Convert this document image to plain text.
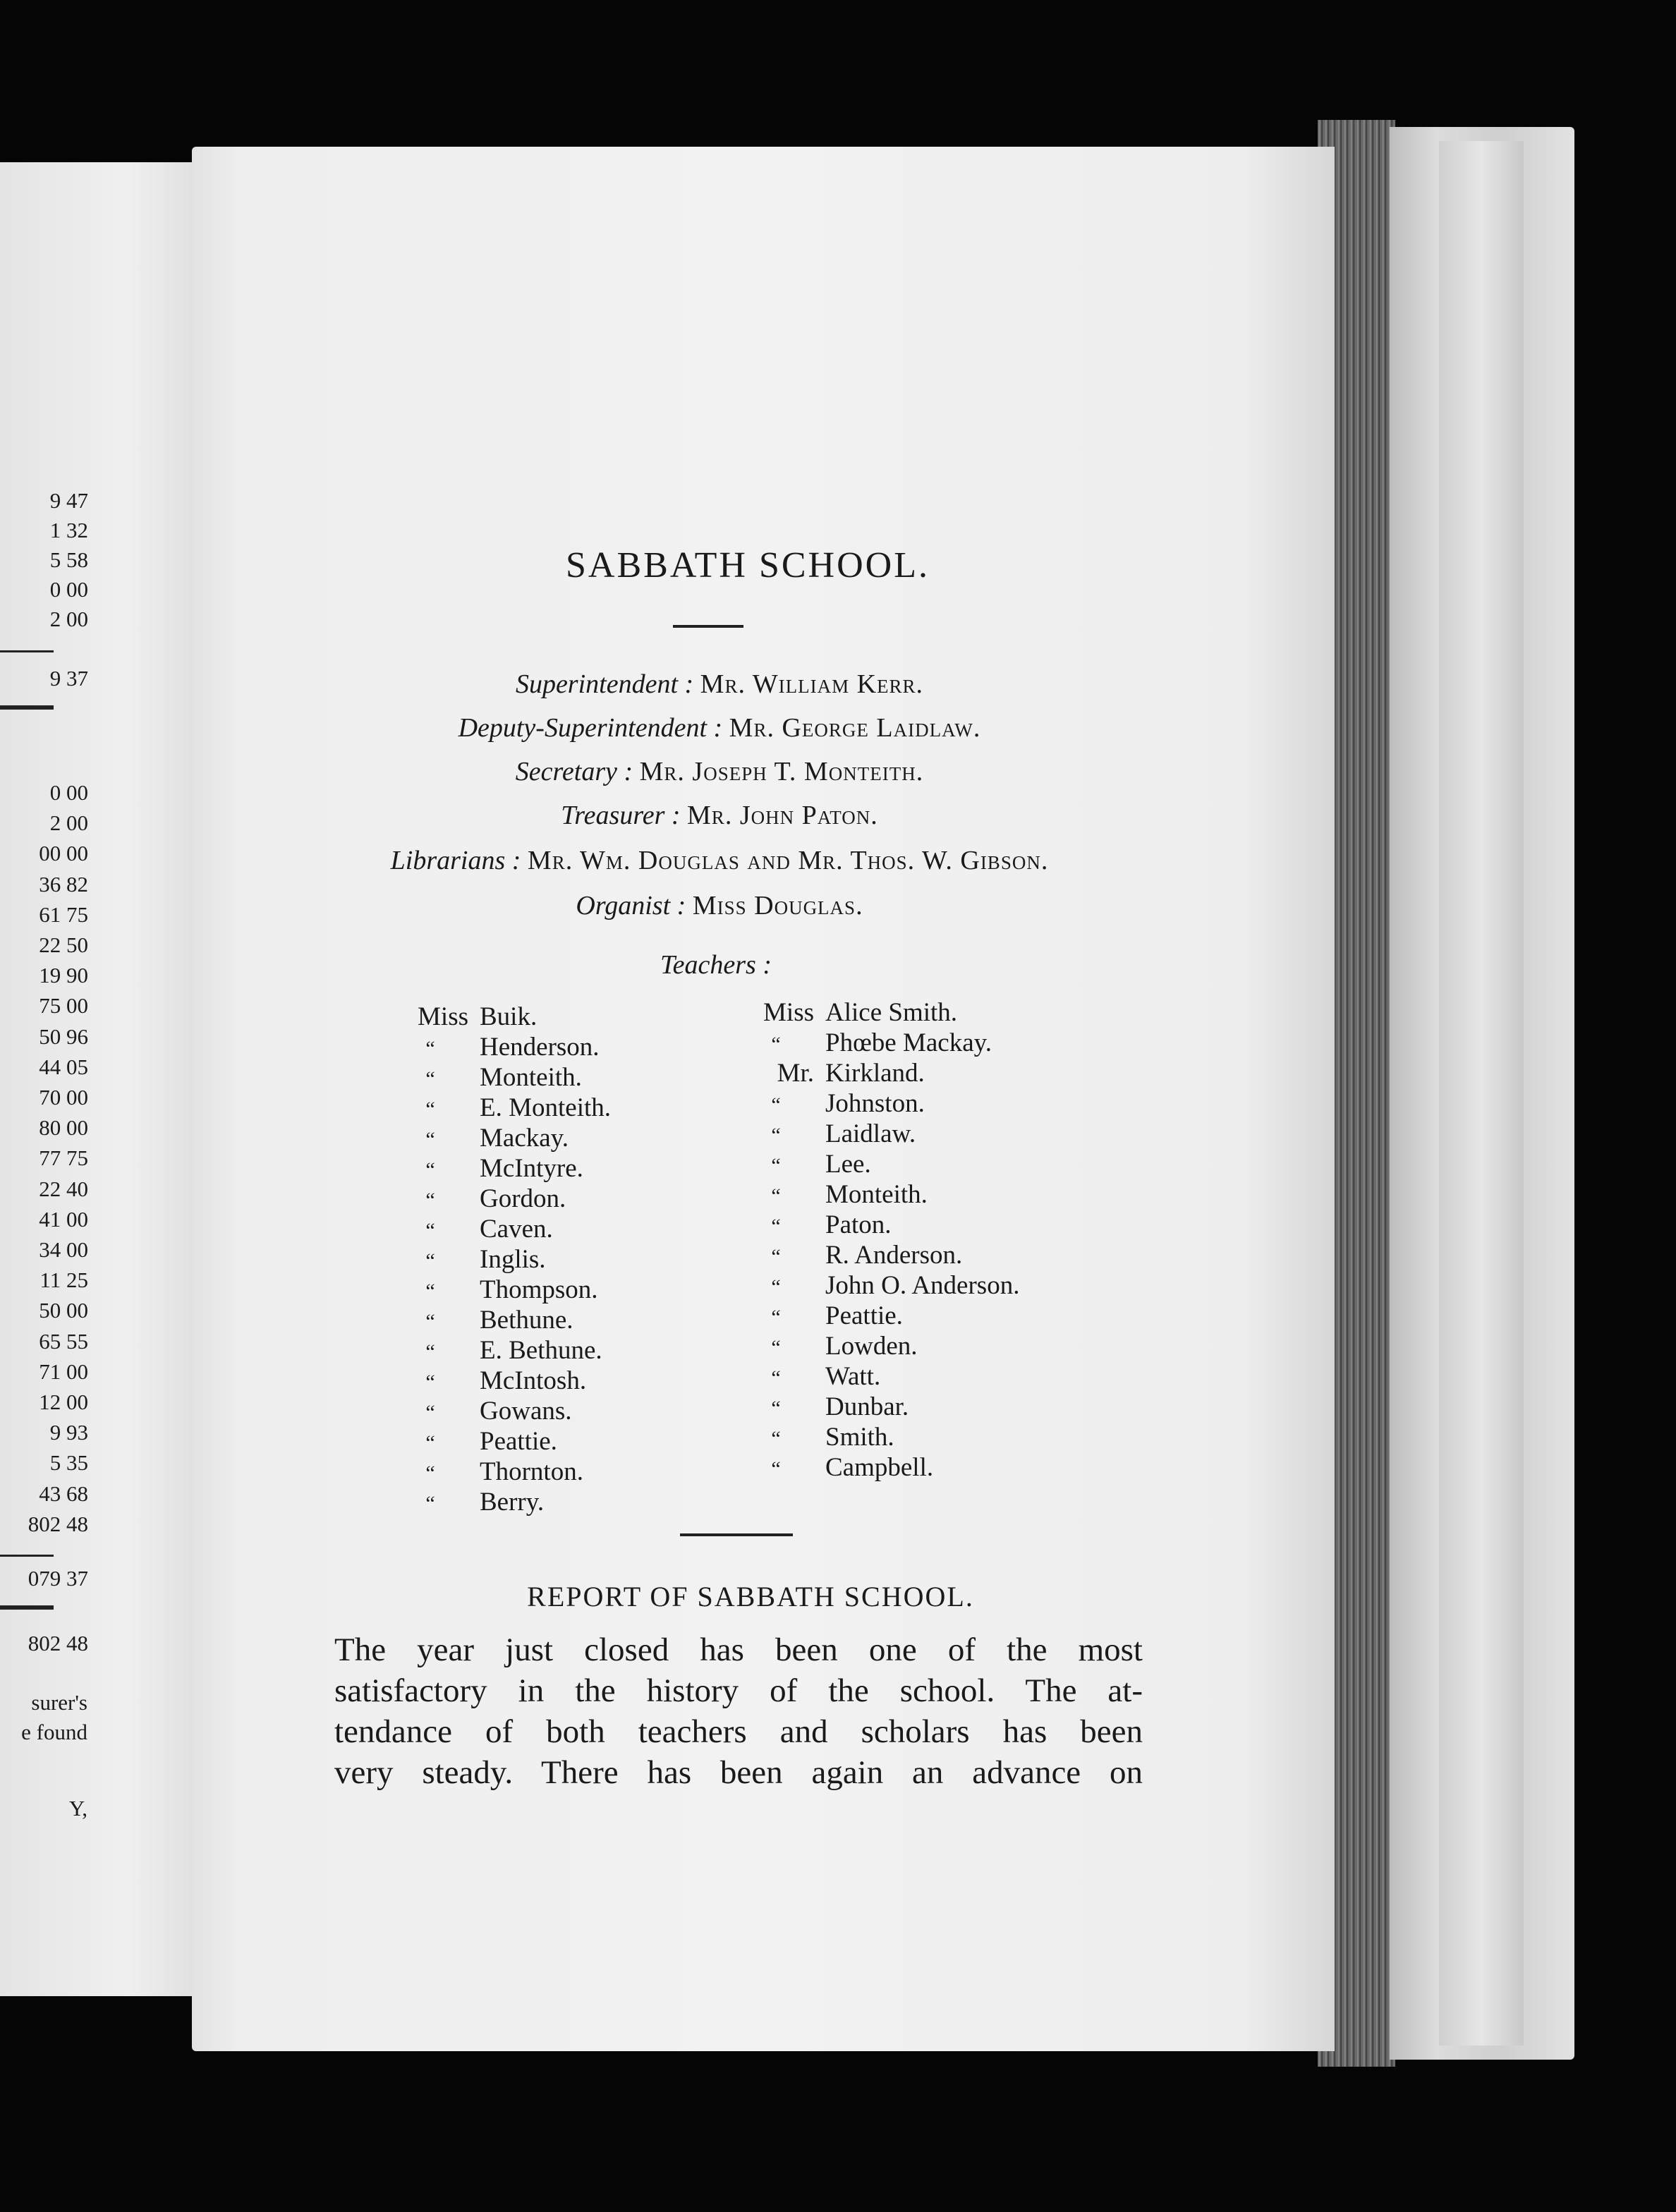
SABBATH SCHOOL.
Superintendent : Mr. William Kerr.
Deputy-Superintendent : Mr. George Laidlaw.
Secretary : Mr. Joseph T. Monteith.
Treasurer : Mr. John Paton.
Librarians : Mr. Wm. Douglas and Mr. Thos. W. Gibson.
Organist : Miss Douglas.
Teachers :
Miss Buik.
“ Henderson.
“ Monteith.
“ E. Monteith.
“ Mackay.
“ McIntyre.
“ Gordon.
“ Caven.
“ Inglis.
“ Thompson.
“ Bethune.
“ E. Bethune.
“ McIntosh.
“ Gowans.
“ Peattie.
“ Thornton.
“ Berry.
Miss Alice Smith.
“ Phœbe Mackay.
Mr. Kirkland.
“ Johnston.
“ Laidlaw.
“ Lee.
“ Monteith.
“ Paton.
“ R. Anderson.
“ John O. Anderson.
“ Peattie.
“ Lowden.
“ Watt.
“ Dunbar.
“ Smith.
“ Campbell.
REPORT OF SABBATH SCHOOL.
The year just closed has been one of the most
satisfactory in the history of the school. The at-
tendance of both teachers and scholars has been
very steady. There has been again an advance on
9 47
1 32
5 58
0 00
2 00
9 37
0 00
2 00
00 00
36 82
61 75
22 50
19 90
75 00
50 96
44 05
70 00
80 00
77 75
22 40
41 00
34 00
11 25
50 00
65 55
71 00
12 00
9 93
5 35
43 68
802 48
079 37
802 48
surer's
e found
Y,
